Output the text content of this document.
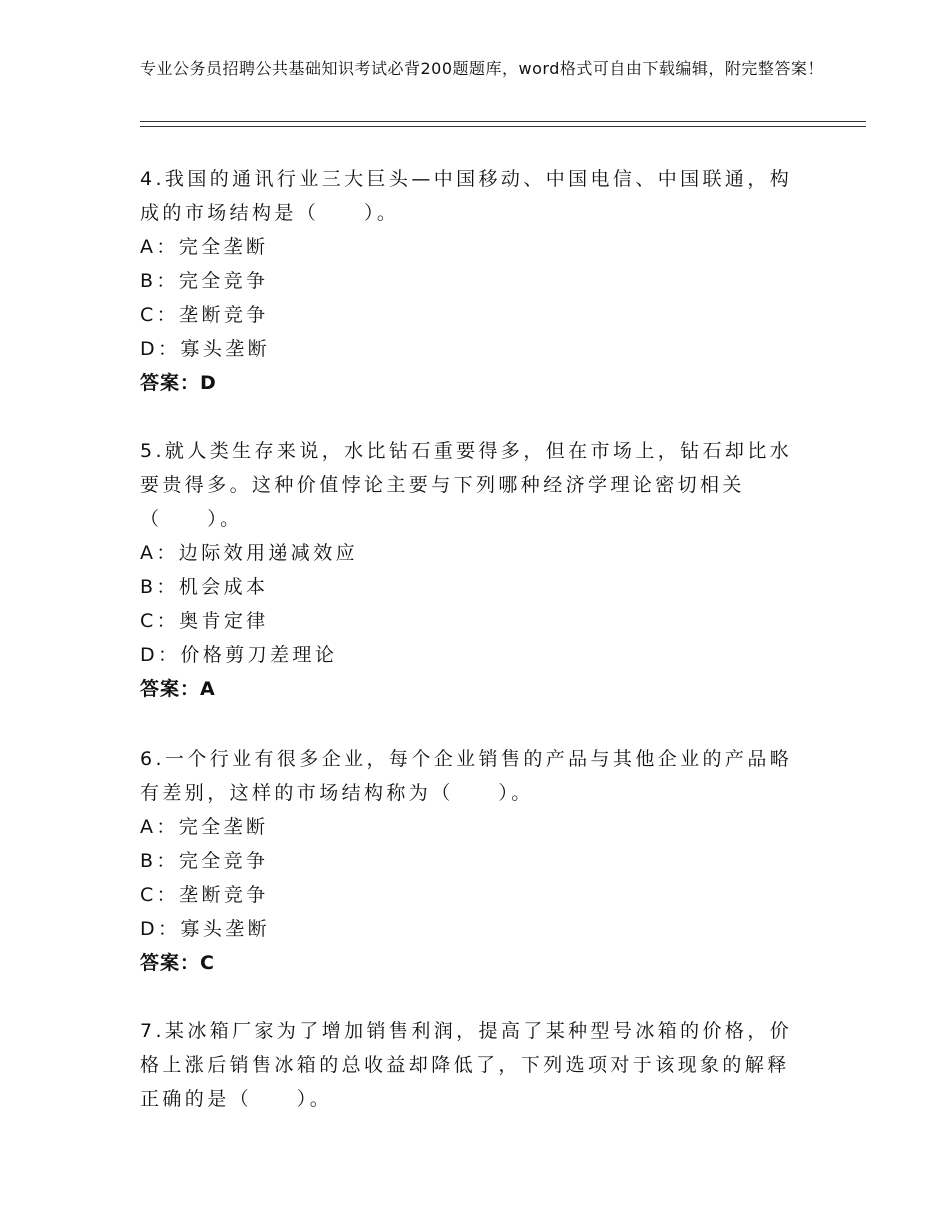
专业公务员招聘公共基础知识考试必背200题题库，word格式可自由下载编辑，附完整答案！

4.我国的通讯行业三大巨头—中国移动、中国电信、中国联通，构成的市场结构是（　　）。

A：完全垄断

B：完全竞争

C：垄断竞争

D：寡头垄断

答案：D

5.就人类生存来说，水比钻石重要得多，但在市场上，钻石却比水要贵得多。这种价值悖论主要与下列哪种经济学理论密切相关（　　）。

A：边际效用递减效应

B：机会成本

C：奥肯定律

D：价格剪刀差理论

答案：A

6.一个行业有很多企业，每个企业销售的产品与其他企业的产品略有差别，这样的市场结构称为（　　）。

A：完全垄断

B：完全竞争

C：垄断竞争

D：寡头垄断

答案：C

7.某冰箱厂家为了增加销售利润，提高了某种型号冰箱的价格，价格上涨后销售冰箱的总收益却降低了，下列选项对于该现象的解释正确的是（　　）。
